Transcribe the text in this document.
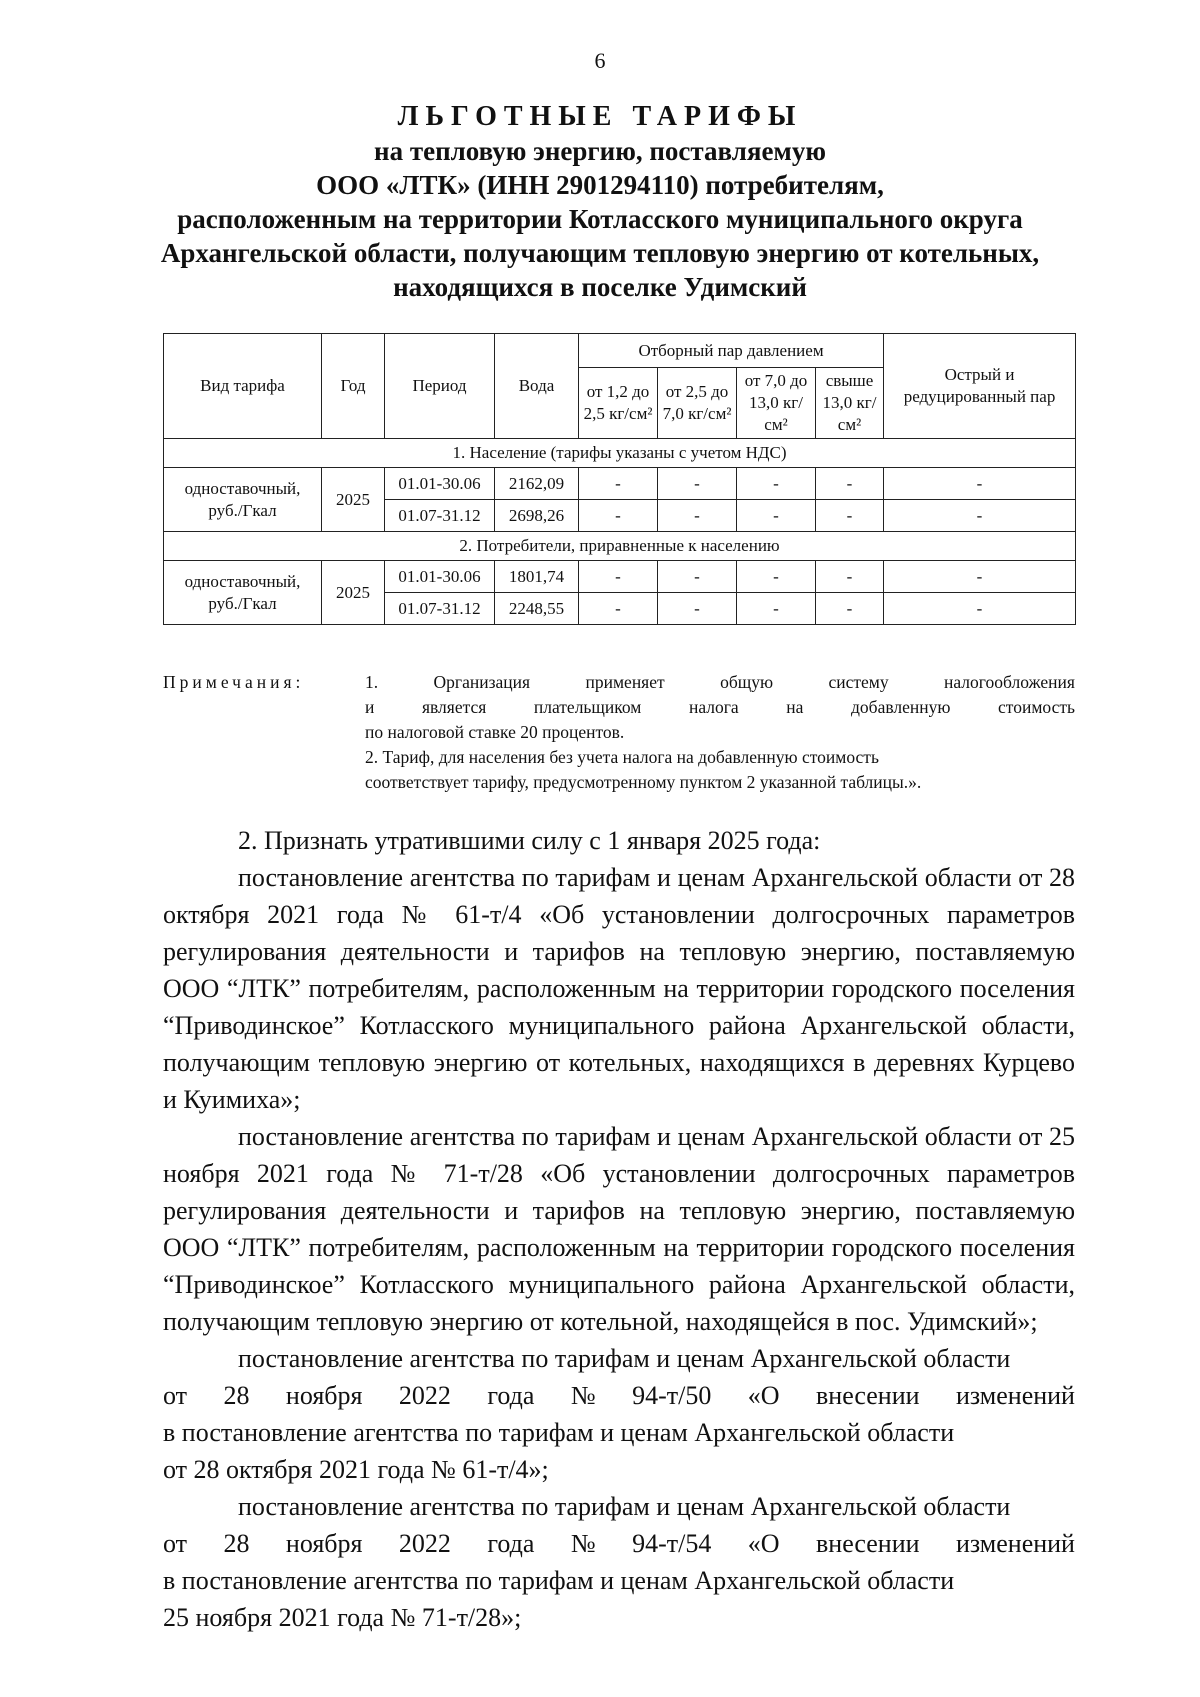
6
ЛЬГОТНЫЕ ТАРИФЫ
на тепловую энергию, поставляемую
ООО «ЛТК» (ИНН 2901294110) потребителям,
расположенным на территории Котласского муниципального округа
Архангельской области, получающим тепловую энергию от котельных,
находящихся в поселке Удимский
Вид тарифа	Год	Период	Вода	Отборный пар давлением				Острый и редуцированный пар
				от 1,2 до 2,5 кг/см²	от 2,5 до 7,0 кг/см²	от 7,0 до 13,0 кг/см²	свыше 13,0 кг/см²	
1. Население (тарифы указаны с учетом НДС)								
одноставочный, руб./Гкал	2025	01.01-30.06	2162,09	-	-	-	-	-
		01.07-31.12	2698,26	-	-	-	-	-
2. Потребители, приравненные к населению								
одноставочный, руб./Гкал	2025	01.01-30.06	1801,74	-	-	-	-	-
		01.07-31.12	2248,55	-	-	-	-	-
Примечания:	1.	Организация	применяет	общую	систему	налогообложения
и	является	плательщиком	налога	на	добавленную	стоимость
по налоговой ставке 20 процентов.
2. Тариф, для населения без учета налога на добавленную стоимость
соответствует тарифу, предусмотренному пунктом 2 указанной таблицы.».
2. Признать утратившими силу с 1 января 2025 года:
постановление агентства по тарифам и ценам Архангельской области от 28 октября 2021 года № 61-т/4 «Об установлении долгосрочных параметров регулирования деятельности и тарифов на тепловую энергию, поставляемую ООО “ЛТК” потребителям, расположенным на территории городского поселения “Приводинское” Котласского муниципального района Архангельской области, получающим тепловую энергию от котельных, находящихся в деревнях Курцево и Куимиха»;
постановление агентства по тарифам и ценам Архангельской области от 25 ноября 2021 года № 71-т/28 «Об установлении долгосрочных параметров регулирования деятельности и тарифов на тепловую энергию, поставляемую ООО “ЛТК” потребителям, расположенным на территории городского поселения “Приводинское” Котласского муниципального района Архангельской области, получающим тепловую энергию от котельной, находящейся в пос. Удимский»;
постановление агентства по тарифам и ценам Архангельской области
от 28 ноября 2022 года № 94-т/50 «О внесении изменений
в постановление агентства по тарифам и ценам Архангельской области
от 28 октября 2021 года № 61-т/4»;
постановление агентства по тарифам и ценам Архангельской области
от 28 ноября 2022 года № 94-т/54 «О внесении изменений
в постановление агентства по тарифам и ценам Архангельской области
25 ноября 2021 года № 71-т/28»;
